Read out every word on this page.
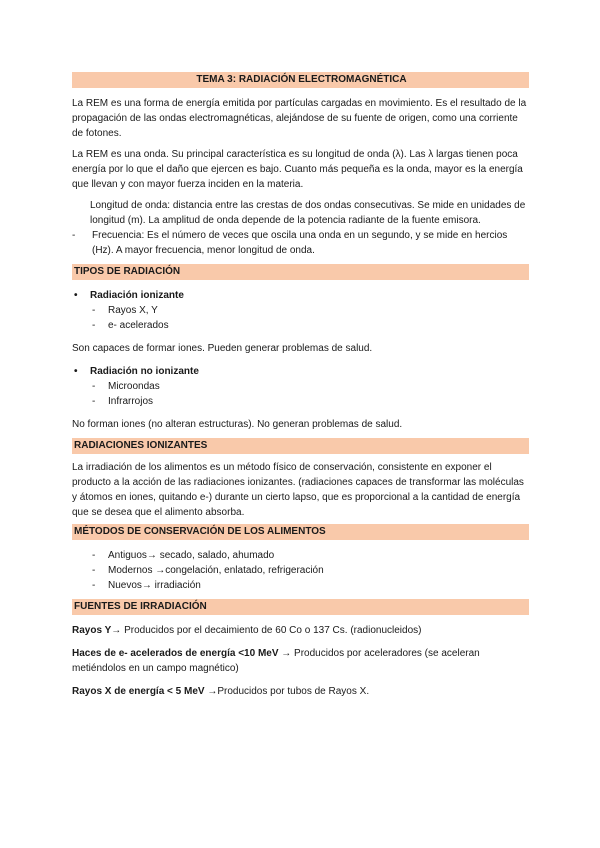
TEMA 3: RADIACIÓN ELECTROMAGNÉTICA

La REM es una forma de energía emitida por partículas cargadas en movimiento. Es el resultado de la propagación de las ondas electromagnéticas, alejándose de su fuente de origen, como una corriente de fotones.

La REM es una onda. Su principal característica es su longitud de onda (λ). Las λ largas tienen poca energía por lo que el daño que ejercen es bajo. Cuanto más pequeña es la onda, mayor es la energía que llevan y con mayor fuerza inciden en la materia.

Longitud de onda: distancia entre las crestas de dos ondas consecutivas. Se mide en unidades de longitud (m). La amplitud de onda depende de la potencia radiante de la fuente emisora.

- Frecuencia: Es el número de veces que oscila una onda en un segundo, y se mide en hercios (Hz). A mayor frecuencia, menor longitud de onda.
TIPOS DE RADIACIÓN
• Radiación ionizante
- Rayos X, Y
- e- acelerados

Son capaces de formar iones. Pueden generar problemas de salud.

• Radiación no ionizante
- Microondas
- Infrarrojos

No forman iones (no alteran estructuras). No generan problemas de salud.

RADIACIONES IONIZANTES

La irradiación de los alimentos es un método físico de conservación, consistente en exponer el producto a la acción de las radiaciones ionizantes. (radiaciones capaces de transformar las moléculas y átomos en iones, quitando e-) durante un cierto lapso, que es proporcional a la cantidad de energía que se desea que el alimento absorba.

MÉTODOS DE CONSERVACIÓN DE LOS ALIMENTOS
- Antiguos→ secado, salado, ahumado
- Modernos →congelación, enlatado, refrigeración
- Nuevos→ irradiación
FUENTES DE IRRADIACIÓN

Rayos Y→ Producidos por el decaimiento de 60 Co o 137 Cs. (radionucleidos)

Haces de e- acelerados de energía <10 MeV → Producidos por aceleradores (se aceleran metiéndolos en un campo magnético)

Rayos X de energía < 5 MeV →Producidos por tubos de Rayos X.
